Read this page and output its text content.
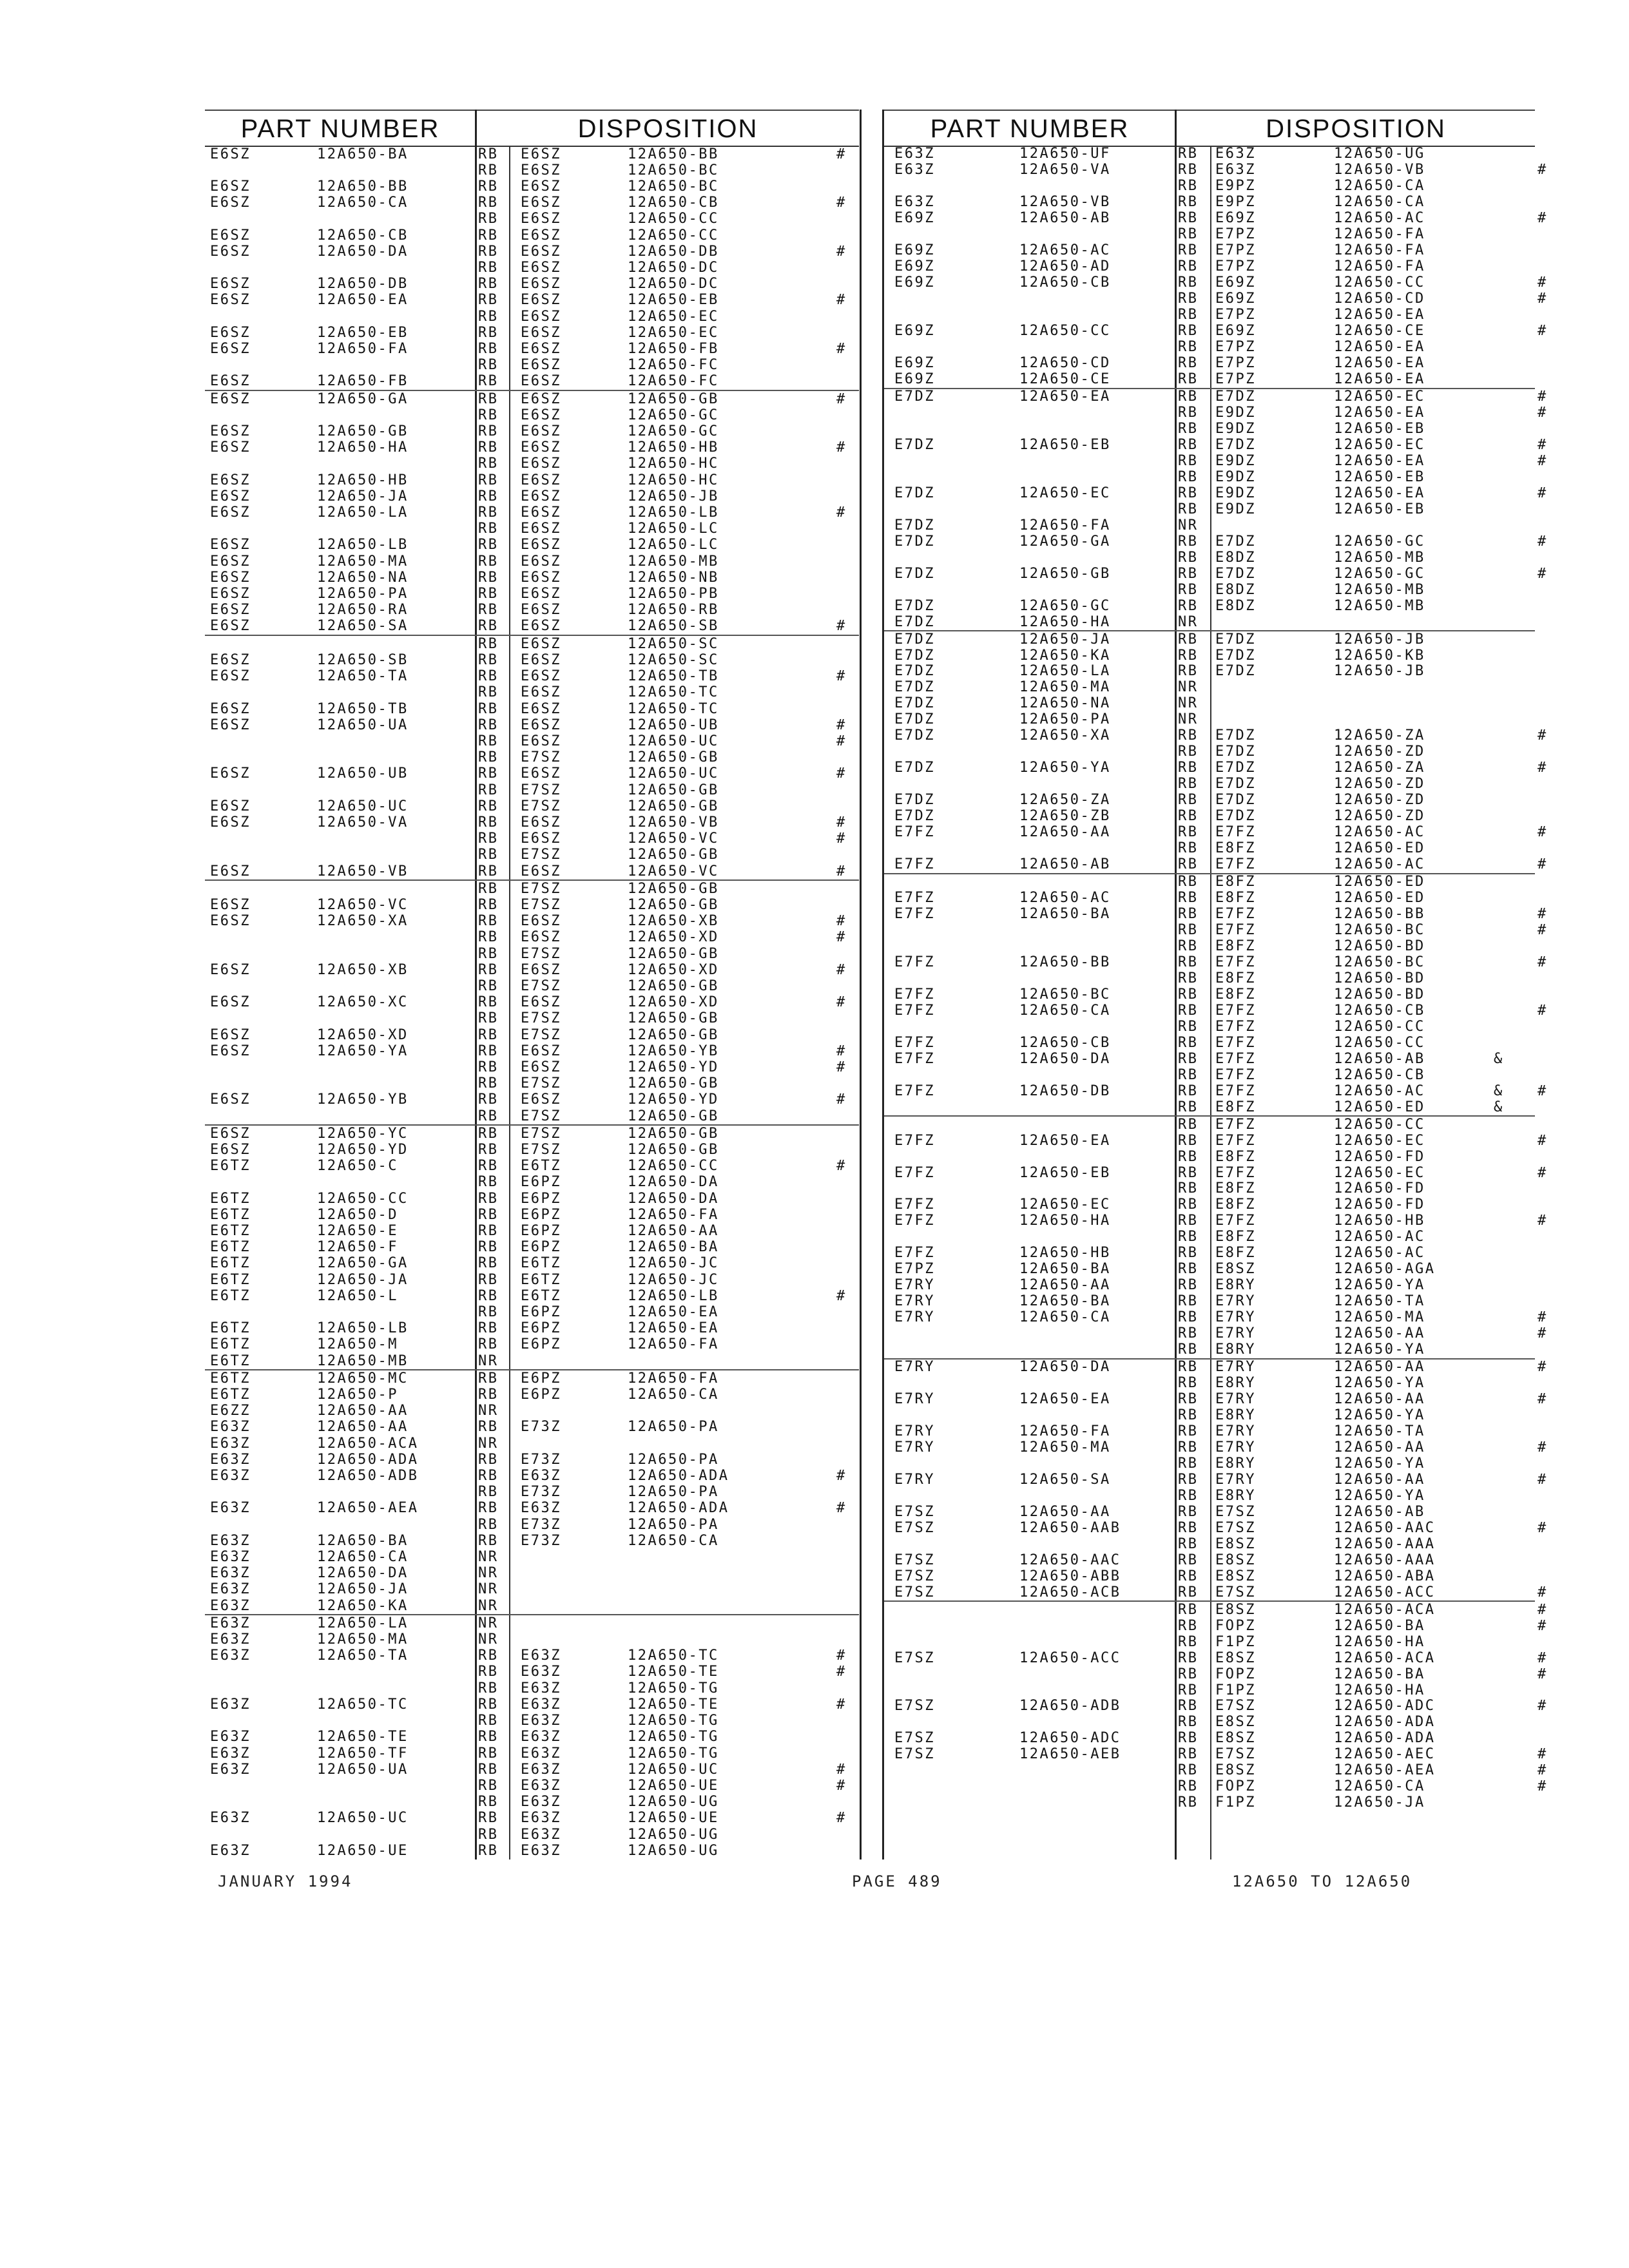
PART NUMBER	DISPOSITION	PART NUMBER	DISPOSITION
E6SZ	12A650-BA	RB E6SZ	12A650-BB	#
RB E6SZ	12A650-BC
E6SZ	12A650-BB	RB E6SZ	12A650-BC
E6SZ	12A650-CA	RB E6SZ	12A650-CB	#
RB E6SZ	12A650-CC
E6SZ	12A650-CB	RB E6SZ	12A650-CC
E6SZ	12A650-DA	RB E6SZ	12A650-DB	#
RB E6SZ	12A650-DC
E6SZ	12A650-DB	RB E6SZ	12A650-DC
E6SZ	12A650-EA	RB E6SZ	12A650-EB	#
RB E6SZ	12A650-EC
E6SZ	12A650-EB	RB E6SZ	12A650-EC
E6SZ	12A650-FA	RB E6SZ	12A650-FB	#
RB E6SZ	12A650-FC
E6SZ	12A650-FB	RB E6SZ	12A650-FC
E6SZ	12A650-GA	RB E6SZ	12A650-GB	#
RB E6SZ	12A650-GC
E6SZ	12A650-GB	RB E6SZ	12A650-GC
E6SZ	12A650-HA	RB E6SZ	12A650-HB	#
RB E6SZ	12A650-HC
E6SZ	12A650-HB	RB E6SZ	12A650-HC
E6SZ	12A650-JA	RB E6SZ	12A650-JB
E6SZ	12A650-LA	RB E6SZ	12A650-LB	#
RB E6SZ	12A650-LC
E6SZ	12A650-LB	RB E6SZ	12A650-LC
E6SZ	12A650-MA	RB E6SZ	12A650-MB
E6SZ	12A650-NA	RB E6SZ	12A650-NB
E6SZ	12A650-PA	RB E6SZ	12A650-PB
E6SZ	12A650-RA	RB E6SZ	12A650-RB
E6SZ	12A650-SA	RB E6SZ	12A650-SB	#
RB E6SZ	12A650-SC
E6SZ	12A650-SB	RB E6SZ	12A650-SC
E6SZ	12A650-TA	RB E6SZ	12A650-TB	#
RB E6SZ	12A650-TC
E6SZ	12A650-TB	RB E6SZ	12A650-TC
E6SZ	12A650-UA	RB E6SZ	12A650-UB	#
RB E6SZ	12A650-UC	#
RB E7SZ	12A650-GB
E6SZ	12A650-UB	RB E6SZ	12A650-UC	#
RB E7SZ	12A650-GB
E6SZ	12A650-UC	RB E7SZ	12A650-GB
E6SZ	12A650-VA	RB E6SZ	12A650-VB	#
RB E6SZ	12A650-VC	#
RB E7SZ	12A650-GB
E6SZ	12A650-VB	RB E6SZ	12A650-VC	#
RB E7SZ	12A650-GB
E6SZ	12A650-VC	RB E7SZ	12A650-GB
E6SZ	12A650-XA	RB E6SZ	12A650-XB	#
RB E6SZ	12A650-XD	#
RB E7SZ	12A650-GB
E6SZ	12A650-XB	RB E6SZ	12A650-XD	#
RB E7SZ	12A650-GB
E6SZ	12A650-XC	RB E6SZ	12A650-XD	#
RB E7SZ	12A650-GB
E6SZ	12A650-XD	RB E7SZ	12A650-GB
E6SZ	12A650-YA	RB E6SZ	12A650-YB	#
RB E6SZ	12A650-YD	#
RB E7SZ	12A650-GB
E6SZ	12A650-YB	RB E6SZ	12A650-YD	#
RB E7SZ	12A650-GB
E6SZ	12A650-YC	RB E7SZ	12A650-GB
E6SZ	12A650-YD	RB E7SZ	12A650-GB
E6TZ	12A650-C	RB E6TZ	12A650-CC	#
RB E6PZ	12A650-DA
E6TZ	12A650-CC	RB E6PZ	12A650-DA
E6TZ	12A650-D	RB E6PZ	12A650-FA
E6TZ	12A650-E	RB E6PZ	12A650-AA
E6TZ	12A650-F	RB E6PZ	12A650-BA
E6TZ	12A650-GA	RB E6TZ	12A650-JC
E6TZ	12A650-JA	RB E6TZ	12A650-JC
E6TZ	12A650-L	RB E6TZ	12A650-LB	#
RB E6PZ	12A650-EA
E6TZ	12A650-LB	RB E6PZ	12A650-EA
E6TZ	12A650-M	RB E6PZ	12A650-FA
E6TZ	12A650-MB	NR
E6TZ	12A650-MC	RB E6PZ	12A650-FA
E6TZ	12A650-P	RB E6PZ	12A650-CA
E6ZZ	12A650-AA	NR
E63Z	12A650-AA	RB E73Z	12A650-PA
E63Z	12A650-ACA	NR
E63Z	12A650-ADA	RB E73Z	12A650-PA
E63Z	12A650-ADB	RB E63Z	12A650-ADA	#
RB E73Z	12A650-PA
E63Z	12A650-AEA	RB E63Z	12A650-ADA	#
RB E73Z	12A650-PA
E63Z	12A650-BA	RB E73Z	12A650-CA
E63Z	12A650-CA	NR
E63Z	12A650-DA	NR
E63Z	12A650-JA	NR
E63Z	12A650-KA	NR
E63Z	12A650-LA	NR
E63Z	12A650-MA	NR
E63Z	12A650-TA	RB E63Z	12A650-TC	#
RB E63Z	12A650-TE	#
RB E63Z	12A650-TG
E63Z	12A650-TC	RB E63Z	12A650-TE	#
RB E63Z	12A650-TG
E63Z	12A650-TE	RB E63Z	12A650-TG
E63Z	12A650-TF	RB E63Z	12A650-TG
E63Z	12A650-UA	RB E63Z	12A650-UC	#
RB E63Z	12A650-UE	#
RB E63Z	12A650-UG
E63Z	12A650-UC	RB E63Z	12A650-UE	#
RB E63Z	12A650-UG
E63Z	12A650-UE	RB E63Z	12A650-UG
E63Z	12A650-UF	RB E63Z	12A650-UG
E63Z	12A650-VA	RB E63Z	12A650-VB	#
RB E9PZ	12A650-CA
E63Z	12A650-VB	RB E9PZ	12A650-CA
E69Z	12A650-AB	RB E69Z	12A650-AC	#
RB E7PZ	12A650-FA
E69Z	12A650-AC	RB E7PZ	12A650-FA
E69Z	12A650-AD	RB E7PZ	12A650-FA
E69Z	12A650-CB	RB E69Z	12A650-CC	#
RB E69Z	12A650-CD	#
RB E7PZ	12A650-EA
E69Z	12A650-CC	RB E69Z	12A650-CE	#
RB E7PZ	12A650-EA
E69Z	12A650-CD	RB E7PZ	12A650-EA
E69Z	12A650-CE	RB E7PZ	12A650-EA
E7DZ	12A650-EA	RB E7DZ	12A650-EC	#
RB E9DZ	12A650-EA	#
RB E9DZ	12A650-EB
E7DZ	12A650-EB	RB E7DZ	12A650-EC	#
RB E9DZ	12A650-EA	#
RB E9DZ	12A650-EB
E7DZ	12A650-EC	RB E9DZ	12A650-EA	#
RB E9DZ	12A650-EB
E7DZ	12A650-FA	NR
E7DZ	12A650-GA	RB E7DZ	12A650-GC	#
RB E8DZ	12A650-MB
E7DZ	12A650-GB	RB E7DZ	12A650-GC	#
RB E8DZ	12A650-MB
E7DZ	12A650-GC	RB E8DZ	12A650-MB
E7DZ	12A650-HA	NR
E7DZ	12A650-JA	RB E7DZ	12A650-JB
E7DZ	12A650-KA	RB E7DZ	12A650-KB
E7DZ	12A650-LA	RB E7DZ	12A650-JB
E7DZ	12A650-MA	NR
E7DZ	12A650-NA	NR
E7DZ	12A650-PA	NR
E7DZ	12A650-XA	RB E7DZ	12A650-ZA	#
RB E7DZ	12A650-ZD
E7DZ	12A650-YA	RB E7DZ	12A650-ZA	#
RB E7DZ	12A650-ZD
E7DZ	12A650-ZA	RB E7DZ	12A650-ZD
E7DZ	12A650-ZB	RB E7DZ	12A650-ZD
E7FZ	12A650-AA	RB E7FZ	12A650-AC	#
RB E8FZ	12A650-ED
E7FZ	12A650-AB	RB E7FZ	12A650-AC	#
RB E8FZ	12A650-ED
E7FZ	12A650-AC	RB E8FZ	12A650-ED
E7FZ	12A650-BA	RB E7FZ	12A650-BB	#
RB E7FZ	12A650-BC	#
RB E8FZ	12A650-BD
E7FZ	12A650-BB	RB E7FZ	12A650-BC	#
RB E8FZ	12A650-BD
E7FZ	12A650-BC	RB E8FZ	12A650-BD
E7FZ	12A650-CA	RB E7FZ	12A650-CB	#
RB E7FZ	12A650-CC
E7FZ	12A650-CB	RB E7FZ	12A650-CC
E7FZ	12A650-DA	RB E7FZ	12A650-AB	&
RB E7FZ	12A650-CB
E7FZ	12A650-DB	RB E7FZ	12A650-AC	& #
RB E8FZ	12A650-ED	&
RB E7FZ	12A650-CC
E7FZ	12A650-EA	RB E7FZ	12A650-EC	#
RB E8FZ	12A650-FD
E7FZ	12A650-EB	RB E7FZ	12A650-EC	#
RB E8FZ	12A650-FD
E7FZ	12A650-EC	RB E8FZ	12A650-FD
E7FZ	12A650-HA	RB E7FZ	12A650-HB	#
RB E8FZ	12A650-AC
E7FZ	12A650-HB	RB E8FZ	12A650-AC
E7PZ	12A650-BA	RB E8SZ	12A650-AGA
E7RY	12A650-AA	RB E8RY	12A650-YA
E7RY	12A650-BA	RB E7RY	12A650-TA
E7RY	12A650-CA	RB E7RY	12A650-MA	#
RB E7RY	12A650-AA	#
RB E8RY	12A650-YA
E7RY	12A650-DA	RB E7RY	12A650-AA	#
RB E8RY	12A650-YA
E7RY	12A650-EA	RB E7RY	12A650-AA	#
RB E8RY	12A650-YA
E7RY	12A650-FA	RB E7RY	12A650-TA
E7RY	12A650-MA	RB E7RY	12A650-AA	#
RB E8RY	12A650-YA
E7RY	12A650-SA	RB E7RY	12A650-AA	#
RB E8RY	12A650-YA
E7SZ	12A650-AA	RB E7SZ	12A650-AB
E7SZ	12A650-AAB	RB E7SZ	12A650-AAC	#
RB E8SZ	12A650-AAA
E7SZ	12A650-AAC	RB E8SZ	12A650-AAA
E7SZ	12A650-ABB	RB E8SZ	12A650-ABA
E7SZ	12A650-ACB	RB E7SZ	12A650-ACC	#
RB E8SZ	12A650-ACA	#
RB FOPZ	12A650-BA	#
RB F1PZ	12A650-HA
E7SZ	12A650-ACC	RB E8SZ	12A650-ACA	#
RB FOPZ	12A650-BA	#
RB F1PZ	12A650-HA
E7SZ	12A650-ADB	RB E7SZ	12A650-ADC	#
RB E8SZ	12A650-ADA
E7SZ	12A650-ADC	RB E8SZ	12A650-ADA
E7SZ	12A650-AEB	RB E7SZ	12A650-AEC	#
RB E8SZ	12A650-AEA	#
RB FOPZ	12A650-CA	#
RB F1PZ	12A650-JA
JANUARY 1994	PAGE 489	12A650 TO 12A650
